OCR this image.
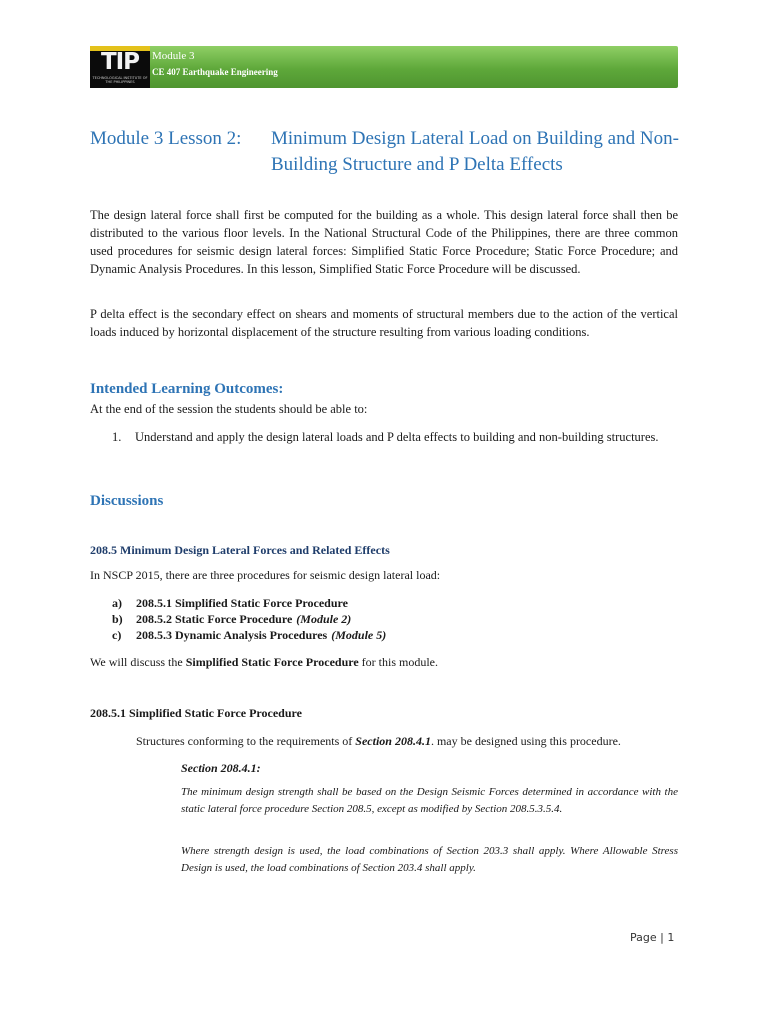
TIP
TECHNOLOGICAL INSTITUTE OF THE PHILIPPINES
Module 3
CE 407 Earthquake Engineering
Module 3 Lesson 2: Minimum Design Lateral Load on Building and Non-Building Structure and P Delta Effects

The design lateral force shall first be computed for the building as a whole. This design lateral force shall then be distributed to the various floor levels. In the National Structural Code of the Philippines, there are three common used procedures for seismic design lateral forces: Simplified Static Force Procedure; Static Force Procedure; and Dynamic Analysis Procedures. In this lesson, Simplified Static Force Procedure will be discussed.

P delta effect is the secondary effect on shears and moments of structural members due to the action of the vertical loads induced by horizontal displacement of the structure resulting from various loading conditions.

Intended Learning Outcomes:

At the end of the session the students should be able to:

1. Understand and apply the design lateral loads and P delta effects to building and non-building structures.
Discussions
208.5 Minimum Design Lateral Forces and Related Effects

In NSCP 2015, there are three procedures for seismic design lateral load:

a)	208.5.1 Simplified Static Force Procedure
b)	208.5.2 Static Force Procedure (Module 2)
c)	208.5.3 Dynamic Analysis Procedures (Module 5)

We will discuss the Simplified Static Force Procedure for this module.

208.5.1 Simplified Static Force Procedure

Structures conforming to the requirements of Section 208.4.1. may be designed using this procedure.

Section 208.4.1:

The minimum design strength shall be based on the Design Seismic Forces determined in accordance with the static lateral force procedure Section 208.5, except as modified by Section 208.5.3.5.4.

Where strength design is used, the load combinations of Section 203.3 shall apply. Where Allowable Stress Design is used, the load combinations of Section 203.4 shall apply.

Page | 1
